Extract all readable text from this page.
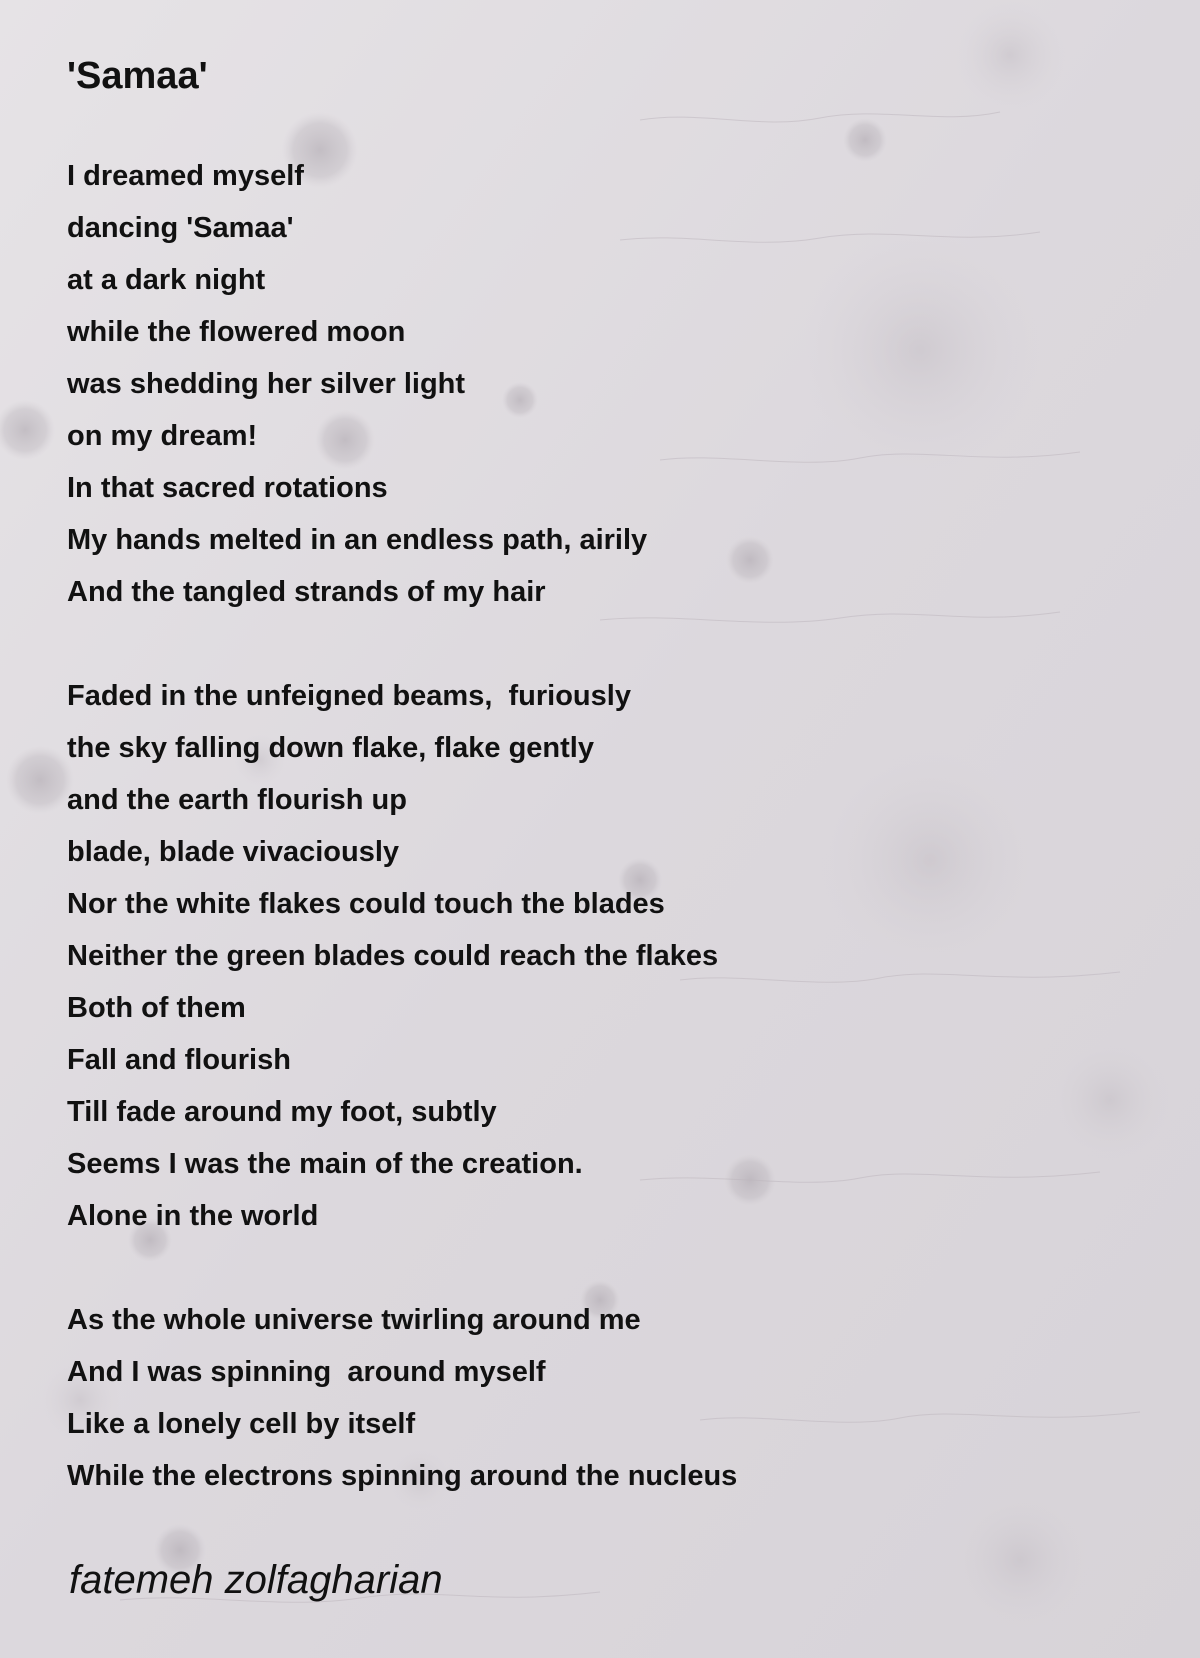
'Samaa'
I dreamed myself
dancing 'Samaa'
at a dark night
while the flowered moon
was shedding her silver light
on my dream!
In that sacred rotations
My hands melted in an endless path, airily
And the tangled strands of my hair
Faded in the unfeigned beams,  furiously
the sky falling down flake, flake gently
and the earth flourish up
blade, blade vivaciously
Nor the white flakes could touch the blades
Neither the green blades could reach the flakes
Both of them
Fall and flourish
Till fade around my foot, subtly
Seems I was the main of the creation.
Alone in the world
As the whole universe twirling around me
And I was spinning  around myself
Like a lonely cell by itself
While the electrons spinning around the nucleus

fatemeh zolfagharian
